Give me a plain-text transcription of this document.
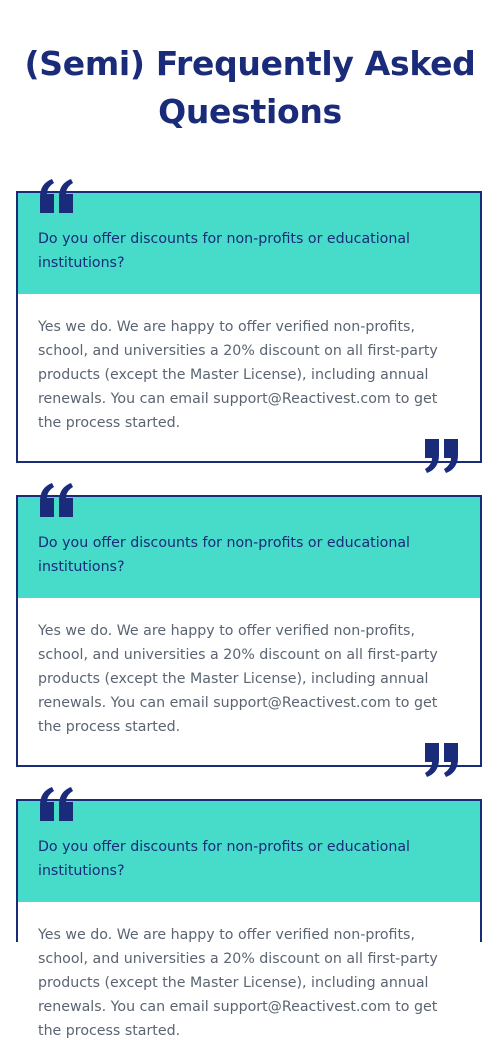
(Semi) Frequently Asked Questions
Do you offer discounts for non-profits or educational institutions?
Yes we do. We are happy to offer verified non-profits, school, and universities a 20% discount on all first-party products (except the Master License), including annual renewals. You can email support@Reactivest.com to get the process started.
Do you offer discounts for non-profits or educational institutions?
Yes we do. We are happy to offer verified non-profits, school, and universities a 20% discount on all first-party products (except the Master License), including annual renewals. You can email support@Reactivest.com to get the process started.
Do you offer discounts for non-profits or educational institutions?
Yes we do. We are happy to offer verified non-profits, school, and universities a 20% discount on all first-party products (except the Master License), including annual renewals. You can email support@Reactivest.com to get the process started.
